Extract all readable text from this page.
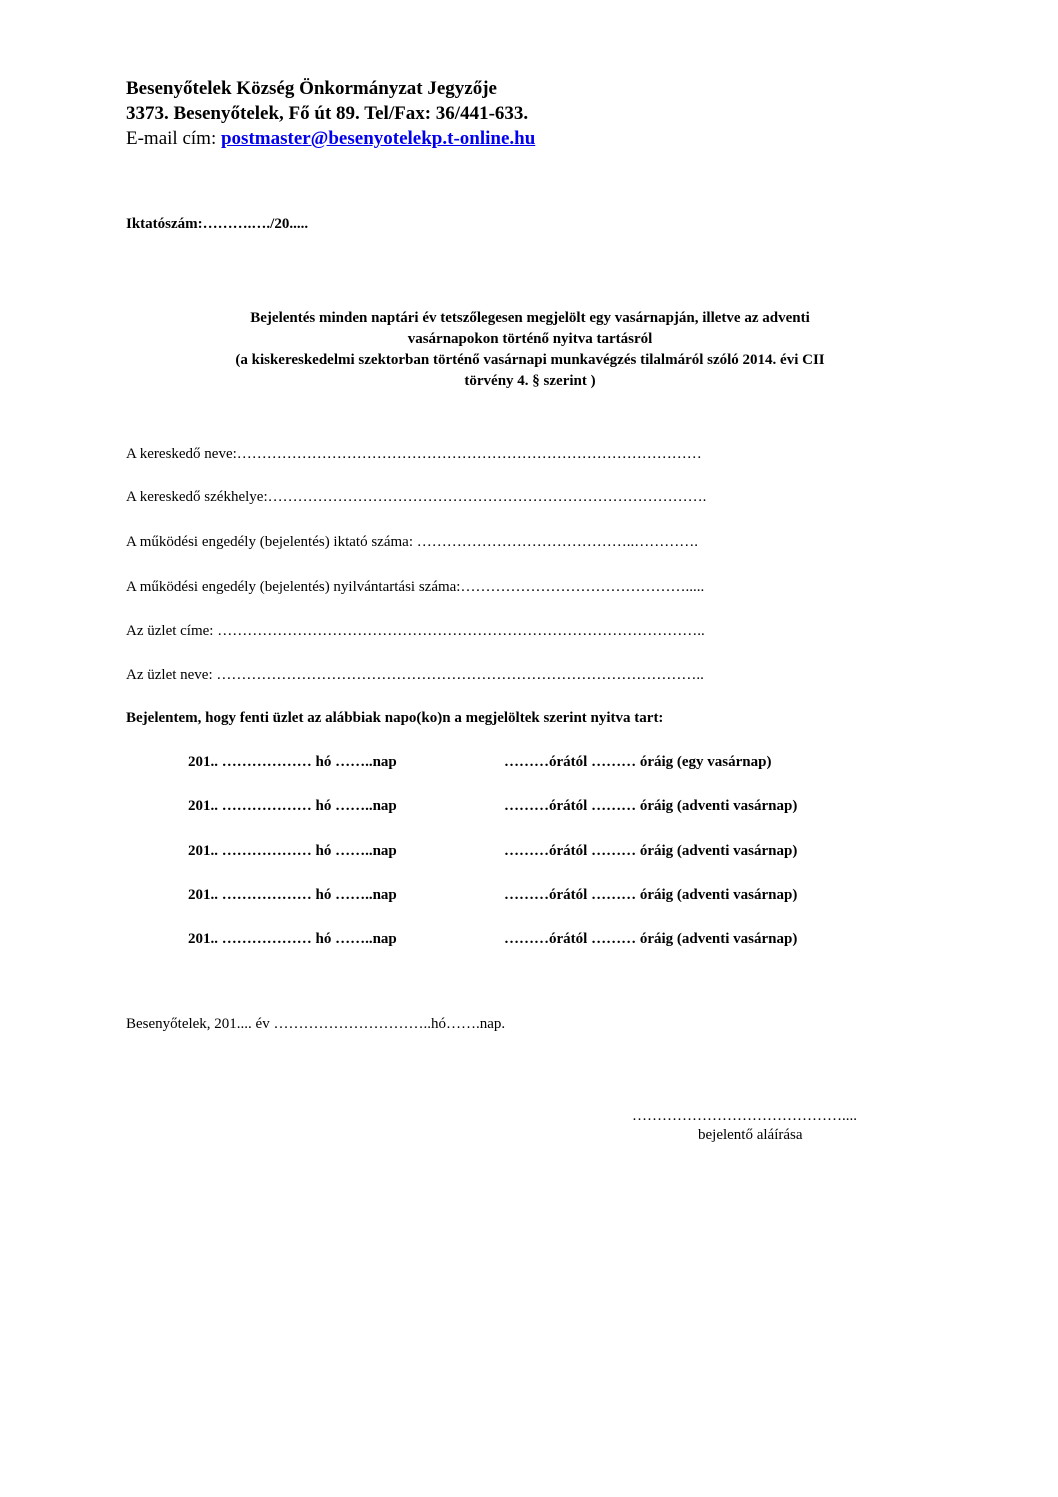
Besenyőtelek Község Önkormányzat Jegyzője
3373. Besenyőtelek, Fő út 89. Tel/Fax: 36/441-633.
E-mail cím: postmaster@besenyotelekp.t-online.hu
Iktatószám:……….…./20.....
Bejelentés minden naptári év tetszőlegesen megjelölt egy vasárnapján, illetve az adventi
vasárnapokon történő nyitva tartásról
(a kiskereskedelmi szektorban történő vasárnapi munkavégzés tilalmáról szóló 2014. évi CII
törvény 4. § szerint )
A kereskedő neve:…………………………………………………………………………………
A kereskedő székhelye:…………………………………………………………………………….
A működési engedély (bejelentés) iktató száma: ……………………………………..………….
A működési engedély (bejelentés) nyilvántartási száma:……………………………………….....
Az üzlet címe: ……………………………………………………………………………………..
Az üzlet neve: ……………………………………………………………………………………..
Bejelentem, hogy fenti üzlet az alábbiak napo(ko)n a megjelöltek szerint nyitva tart:
201.. ……………… hó ……..nap	………órától ……… óráig (egy vasárnap)
201.. ……………… hó ……..nap	………órától ……… óráig (adventi vasárnap)
201.. ……………… hó ……..nap	………órától ……… óráig (adventi vasárnap)
201.. ……………… hó ……..nap	………órától ……… óráig (adventi vasárnap)
201.. ……………… hó ……..nap	………órától ……… óráig (adventi vasárnap)
Besenyőtelek, 201.... év …………………………..hó…….nap.
……………………………………....
bejelentő aláírása
